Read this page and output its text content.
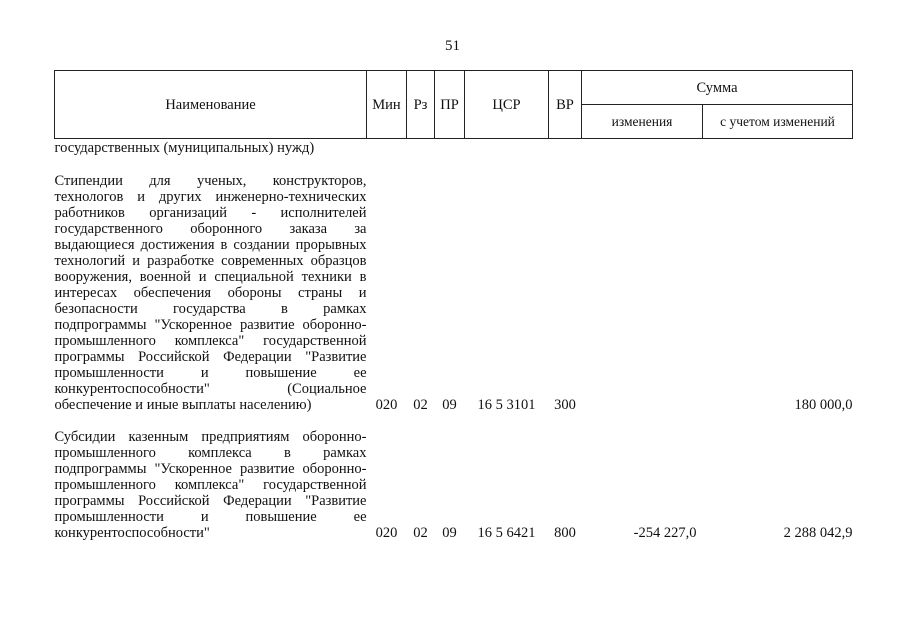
51
Наименование	Мин	Рз	ПР	ЦСР	ВР	Сумма	
						изменения	с учетом изменений
государственных (муниципальных) нужд)							
Стипендии для ученых, конструкторов, технологов и других инженерно-технических работников организаций - исполнителей государственного оборонного заказа за выдающиеся достижения в создании прорывных технологий и разработке современных образцов вооружения, военной и специальной техники в интересах обеспечения обороны страны и безопасности государства в рамках подпрограммы "Ускоренное развитие оборонно-промышленного комплекса" государственной программы Российской Федерации "Развитие промышленности и повышение ее конкурентоспособности" (Социальное обеспечение и иные выплаты населению)	020	02	09	16 5 3101	300		180 000,0

Субсидии казенным предприятиям оборонно-промышленного комплекса в рамках подпрограммы "Ускоренное развитие оборонно-промышленного комплекса" государственной программы Российской Федерации "Развитие промышленности и повышение ее конкурентоспособности"	020	02	09	16 5 6421	800	-254 227,0	2 288 042,9
